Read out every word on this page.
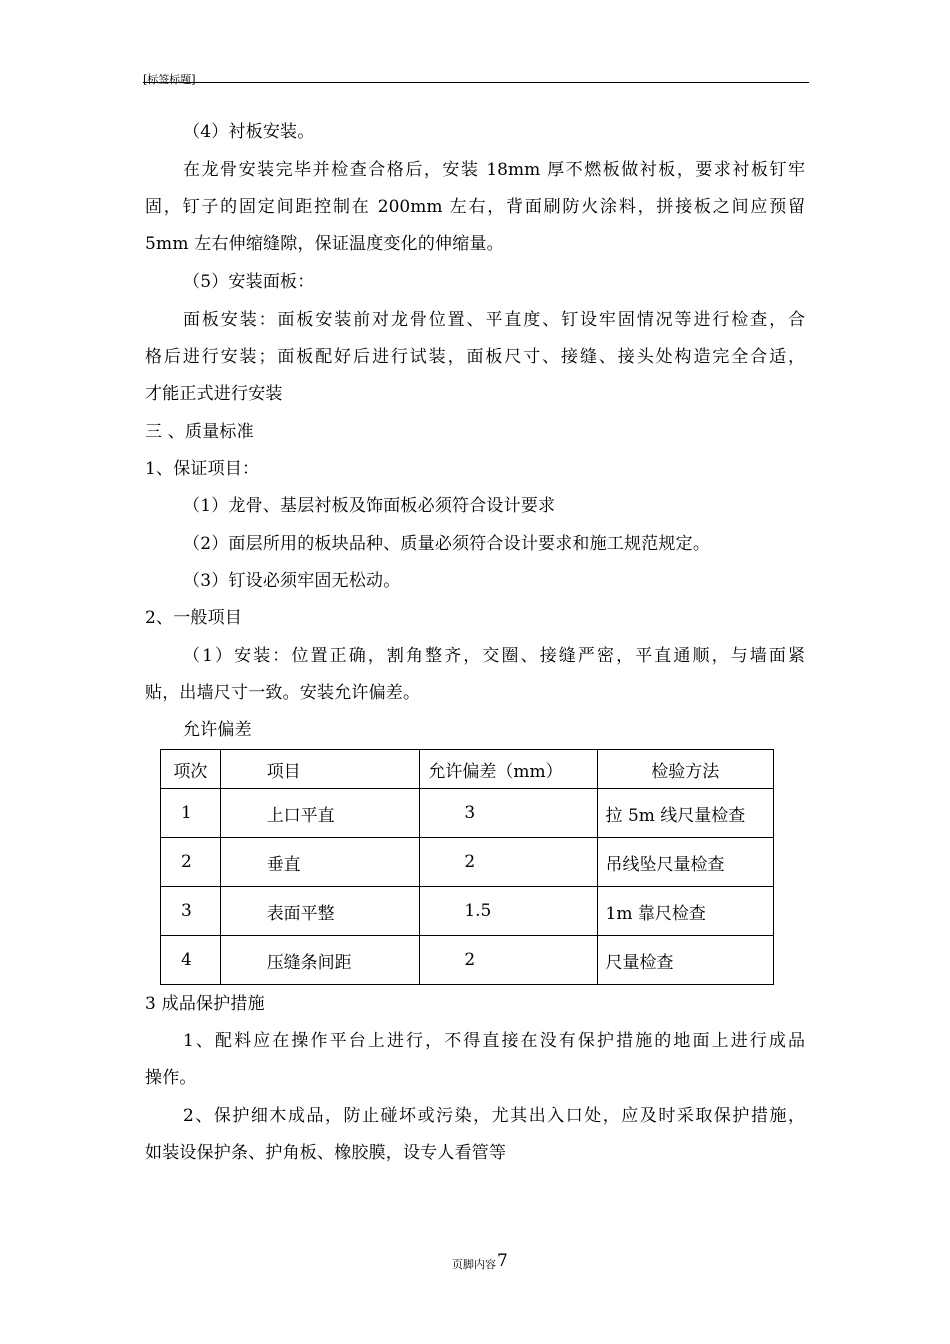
[标签标题]
（4）衬板安装。
在龙骨安装完毕并检查合格后，安装 18mm 厚不燃板做衬板，要求衬板钉牢
固，钉子的固定间距控制在 200mm 左右，背面刷防火涂料，拼接板之间应预留
5mm 左右伸缩缝隙，保证温度变化的伸缩量。
（5）安装面板：
面板安装：面板安装前对龙骨位置、平直度、钉设牢固情况等进行检查，合
格后进行安装；面板配好后进行试装，面板尺寸、接缝、接头处构造完全合适，
才能正式进行安装
三 、质量标准
1、保证项目：
（1）龙骨、基层衬板及饰面板必须符合设计要求
（2）面层所用的板块品种、质量必须符合设计要求和施工规范规定。
（3）钉设必须牢固无松动。
2、一般项目
（1）安装：位置正确，割角整齐，交圈、接缝严密，平直通顺，与墙面紧
贴，出墙尺寸一致。安装允许偏差。
允许偏差
项次	项目	允许偏差（mm）	检验方法
1	上口平直	3	拉 5m 线尺量检查
2	垂直	2	吊线坠尺量检查
3	表面平整	1.5	1m 靠尺检查
4	压缝条间距	2	尺量检查
3 成品保护措施
1、配料应在操作平台上进行，不得直接在没有保护措施的地面上进行成品
操作。
2、保护细木成品，防止碰坏或污染，尤其出入口处，应及时采取保护措施，
如装设保护条、护角板、橡胶膜，设专人看管等
页脚内容7
